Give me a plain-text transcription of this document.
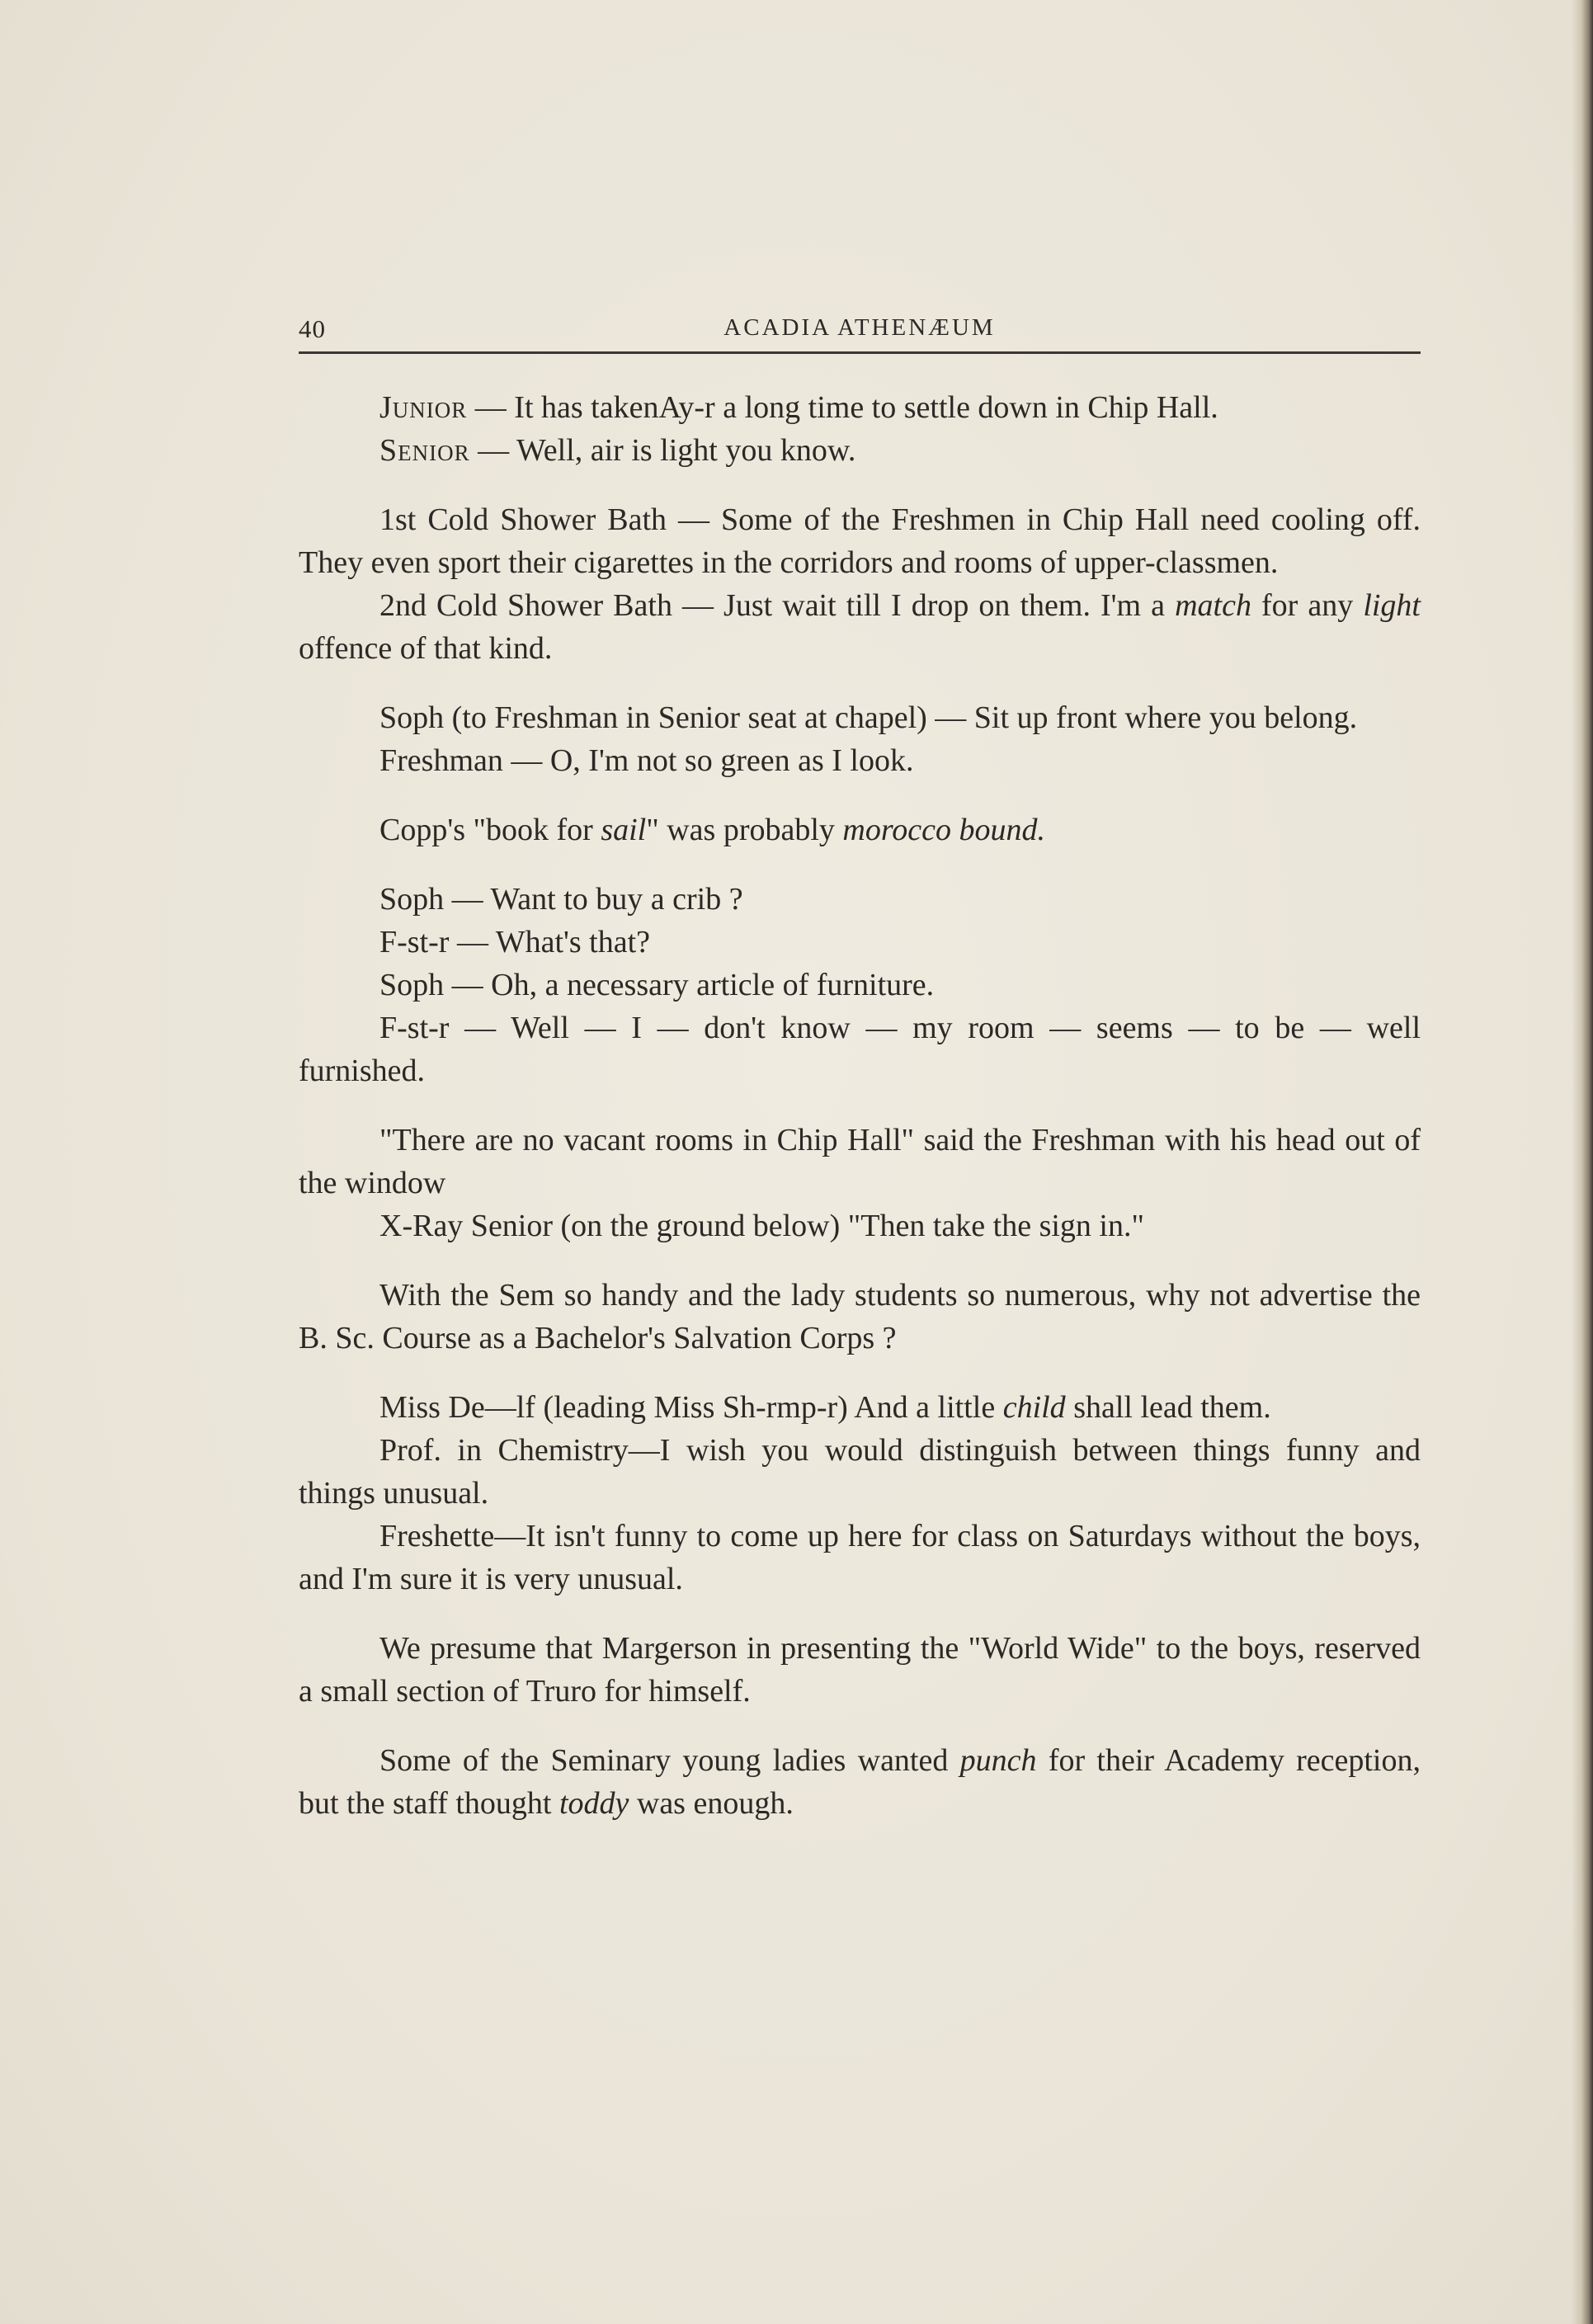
40	ACADIA ATHENÆUM

Junior — It has takenAy-r a long time to settle down in Chip Hall.

Senior — Well, air is light you know.

1st Cold Shower Bath — Some of the Freshmen in Chip Hall need cooling off. They even sport their cigarettes in the corridors and rooms of upper-classmen.

2nd Cold Shower Bath — Just wait till I drop on them. I'm a match for any light offence of that kind.

Soph (to Freshman in Senior seat at chapel) — Sit up front where you belong.

Freshman — O, I'm not so green as I look.

Copp's "book for sail" was probably morocco bound.

Soph — Want to buy a crib ?

F-st-r — What's that?

Soph — Oh, a necessary article of furniture.

F-st-r — Well — I — don't know — my room — seems — to be — well furnished.

"There are no vacant rooms in Chip Hall" said the Freshman with his head out of the window

X-Ray Senior (on the ground below) "Then take the sign in."

With the Sem so handy and the lady students so numerous, why not advertise the B. Sc. Course as a Bachelor's Salvation Corps ?

Miss De—lf (leading Miss Sh-rmp-r) And a little child shall lead them.

Prof. in Chemistry—I wish you would distinguish between things funny and things unusual.

Freshette—It isn't funny to come up here for class on Saturdays without the boys, and I'm sure it is very unusual.

We presume that Margerson in presenting the "World Wide" to the boys, reserved a small section of Truro for himself.

Some of the Seminary young ladies wanted punch for their Academy reception, but the staff thought toddy was enough.
